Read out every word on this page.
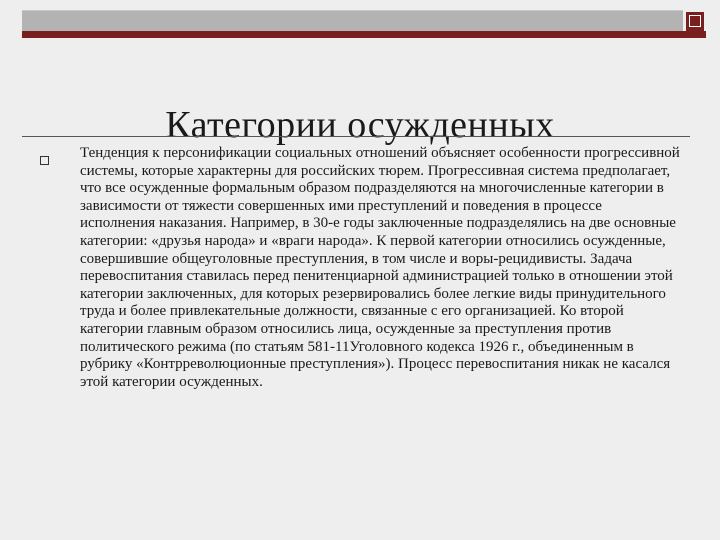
Категории осужденных
Тенденция к персонификации социальных отношений объясняет особенности прогрессивной системы, которые характерны для российских тюрем. Прогрессивная система предполагает, что все осужденные формальным образом подразделяются на многочисленные категории в зависимости от тяжести совершенных ими преступлений и поведения в процессе исполнения наказания. Например, в 30-е годы заключенные подразделялись на две основные категории: «друзья народа» и «враги народа». К первой категории относились осужденные, совершившие общеуголовные преступления, в том числе и воры-рецидивисты. Задача перевоспитания ставилась перед пенитенциарной администрацией только в отношении этой категории заключенных, для которых резервировались более легкие виды принудительного труда и более привлекательные должности, связанные с его организацией. Ко второй категории главным образом относились лица, осужденные за преступления против политического режима (по статьям 581-11Уголовного кодекса 1926 г., объединенным в рубрику «Контрреволюционные преступления»). Процесс перевоспитания никак не касался этой категории осужденных.
